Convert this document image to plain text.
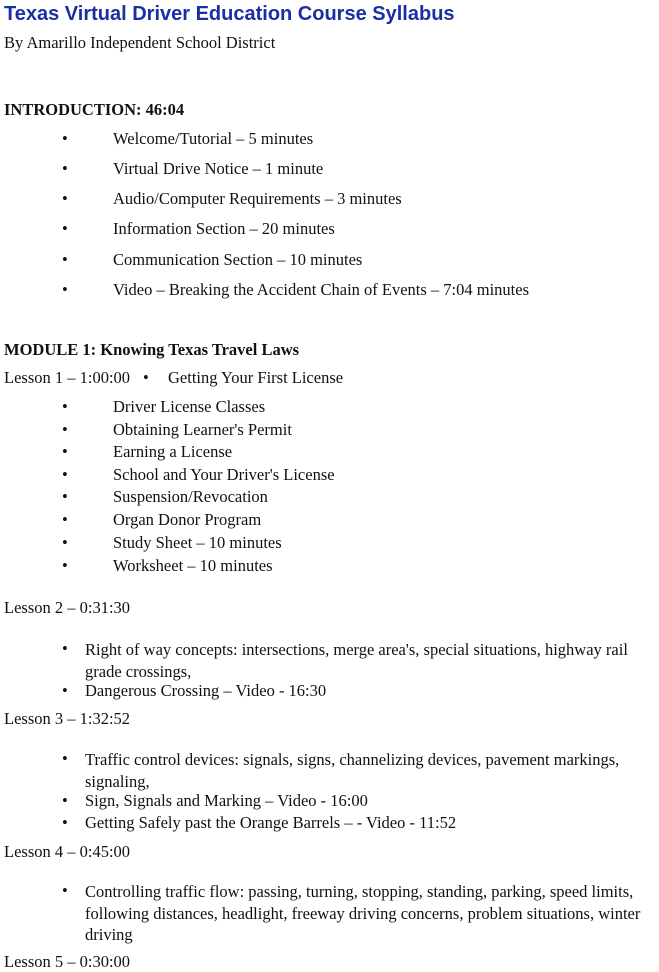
Texas Virtual Driver Education Course Syllabus
By Amarillo Independent School District
INTRODUCTION: 46:04
•	Welcome/Tutorial – 5 minutes
•	Virtual Drive Notice – 1 minute
•	Audio/Computer Requirements – 3 minutes
•	Information Section – 20 minutes
•	Communication Section – 10 minutes
•	Video – Breaking the Accident Chain of Events – 7:04 minutes
MODULE 1: Knowing Texas Travel Laws
Lesson 1 – 1:00:00 • Getting Your First License
•	Driver License Classes
•	Obtaining Learner's Permit
•	Earning a License
•	School and Your Driver's License
•	Suspension/Revocation
•	Organ Donor Program
•	Study Sheet – 10 minutes
•	Worksheet – 10 minutes
Lesson 2 – 0:31:30
• Right of way concepts: intersections, merge area's, special situations, highway rail grade crossings,
• Dangerous Crossing – Video - 16:30
Lesson 3 – 1:32:52
• Traffic control devices: signals, signs, channelizing devices, pavement markings, signaling,
• Sign, Signals and Marking – Video - 16:00
• Getting Safely past the Orange Barrels – - Video - 11:52
Lesson 4 – 0:45:00
• Controlling traffic flow: passing, turning, stopping, standing, parking, speed limits, following distances, headlight, freeway driving concerns, problem situations, winter driving
Lesson 5 – 0:30:00
